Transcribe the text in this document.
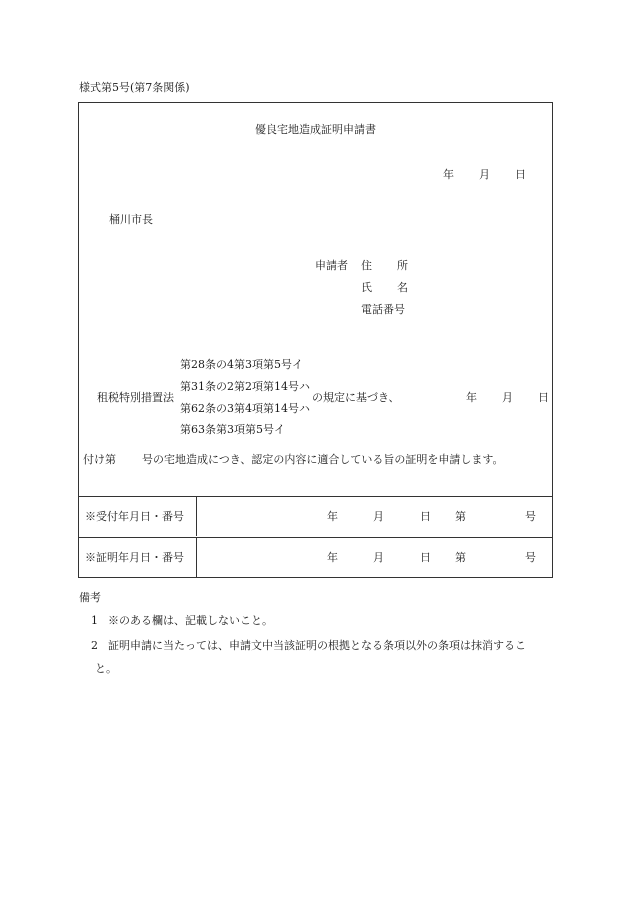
様式第5号(第7条関係)
優良宅地造成証明申請書
年 月 日
桶川市長
申請者 住 所
氏 名
電話番号
租税特別措置法
第28条の4第3項第5号イ
第31条の2第2項第14号ハ
第62条の3第4項第14号ハ
第63条第3項第5号イ
の規定に基づき、	年 月 日
付け第 号の宅地造成につき、認定の内容に適合している旨の証明を申請します。
※受付年月日・番号	年	月	日 第	号
※証明年月日・番号	年	月	日 第	号
備考
1 ※のある欄は、記載しないこと。
2 証明申請に当たっては、申請文中当該証明の根拠となる条項以外の条項は抹消するこ
と。
